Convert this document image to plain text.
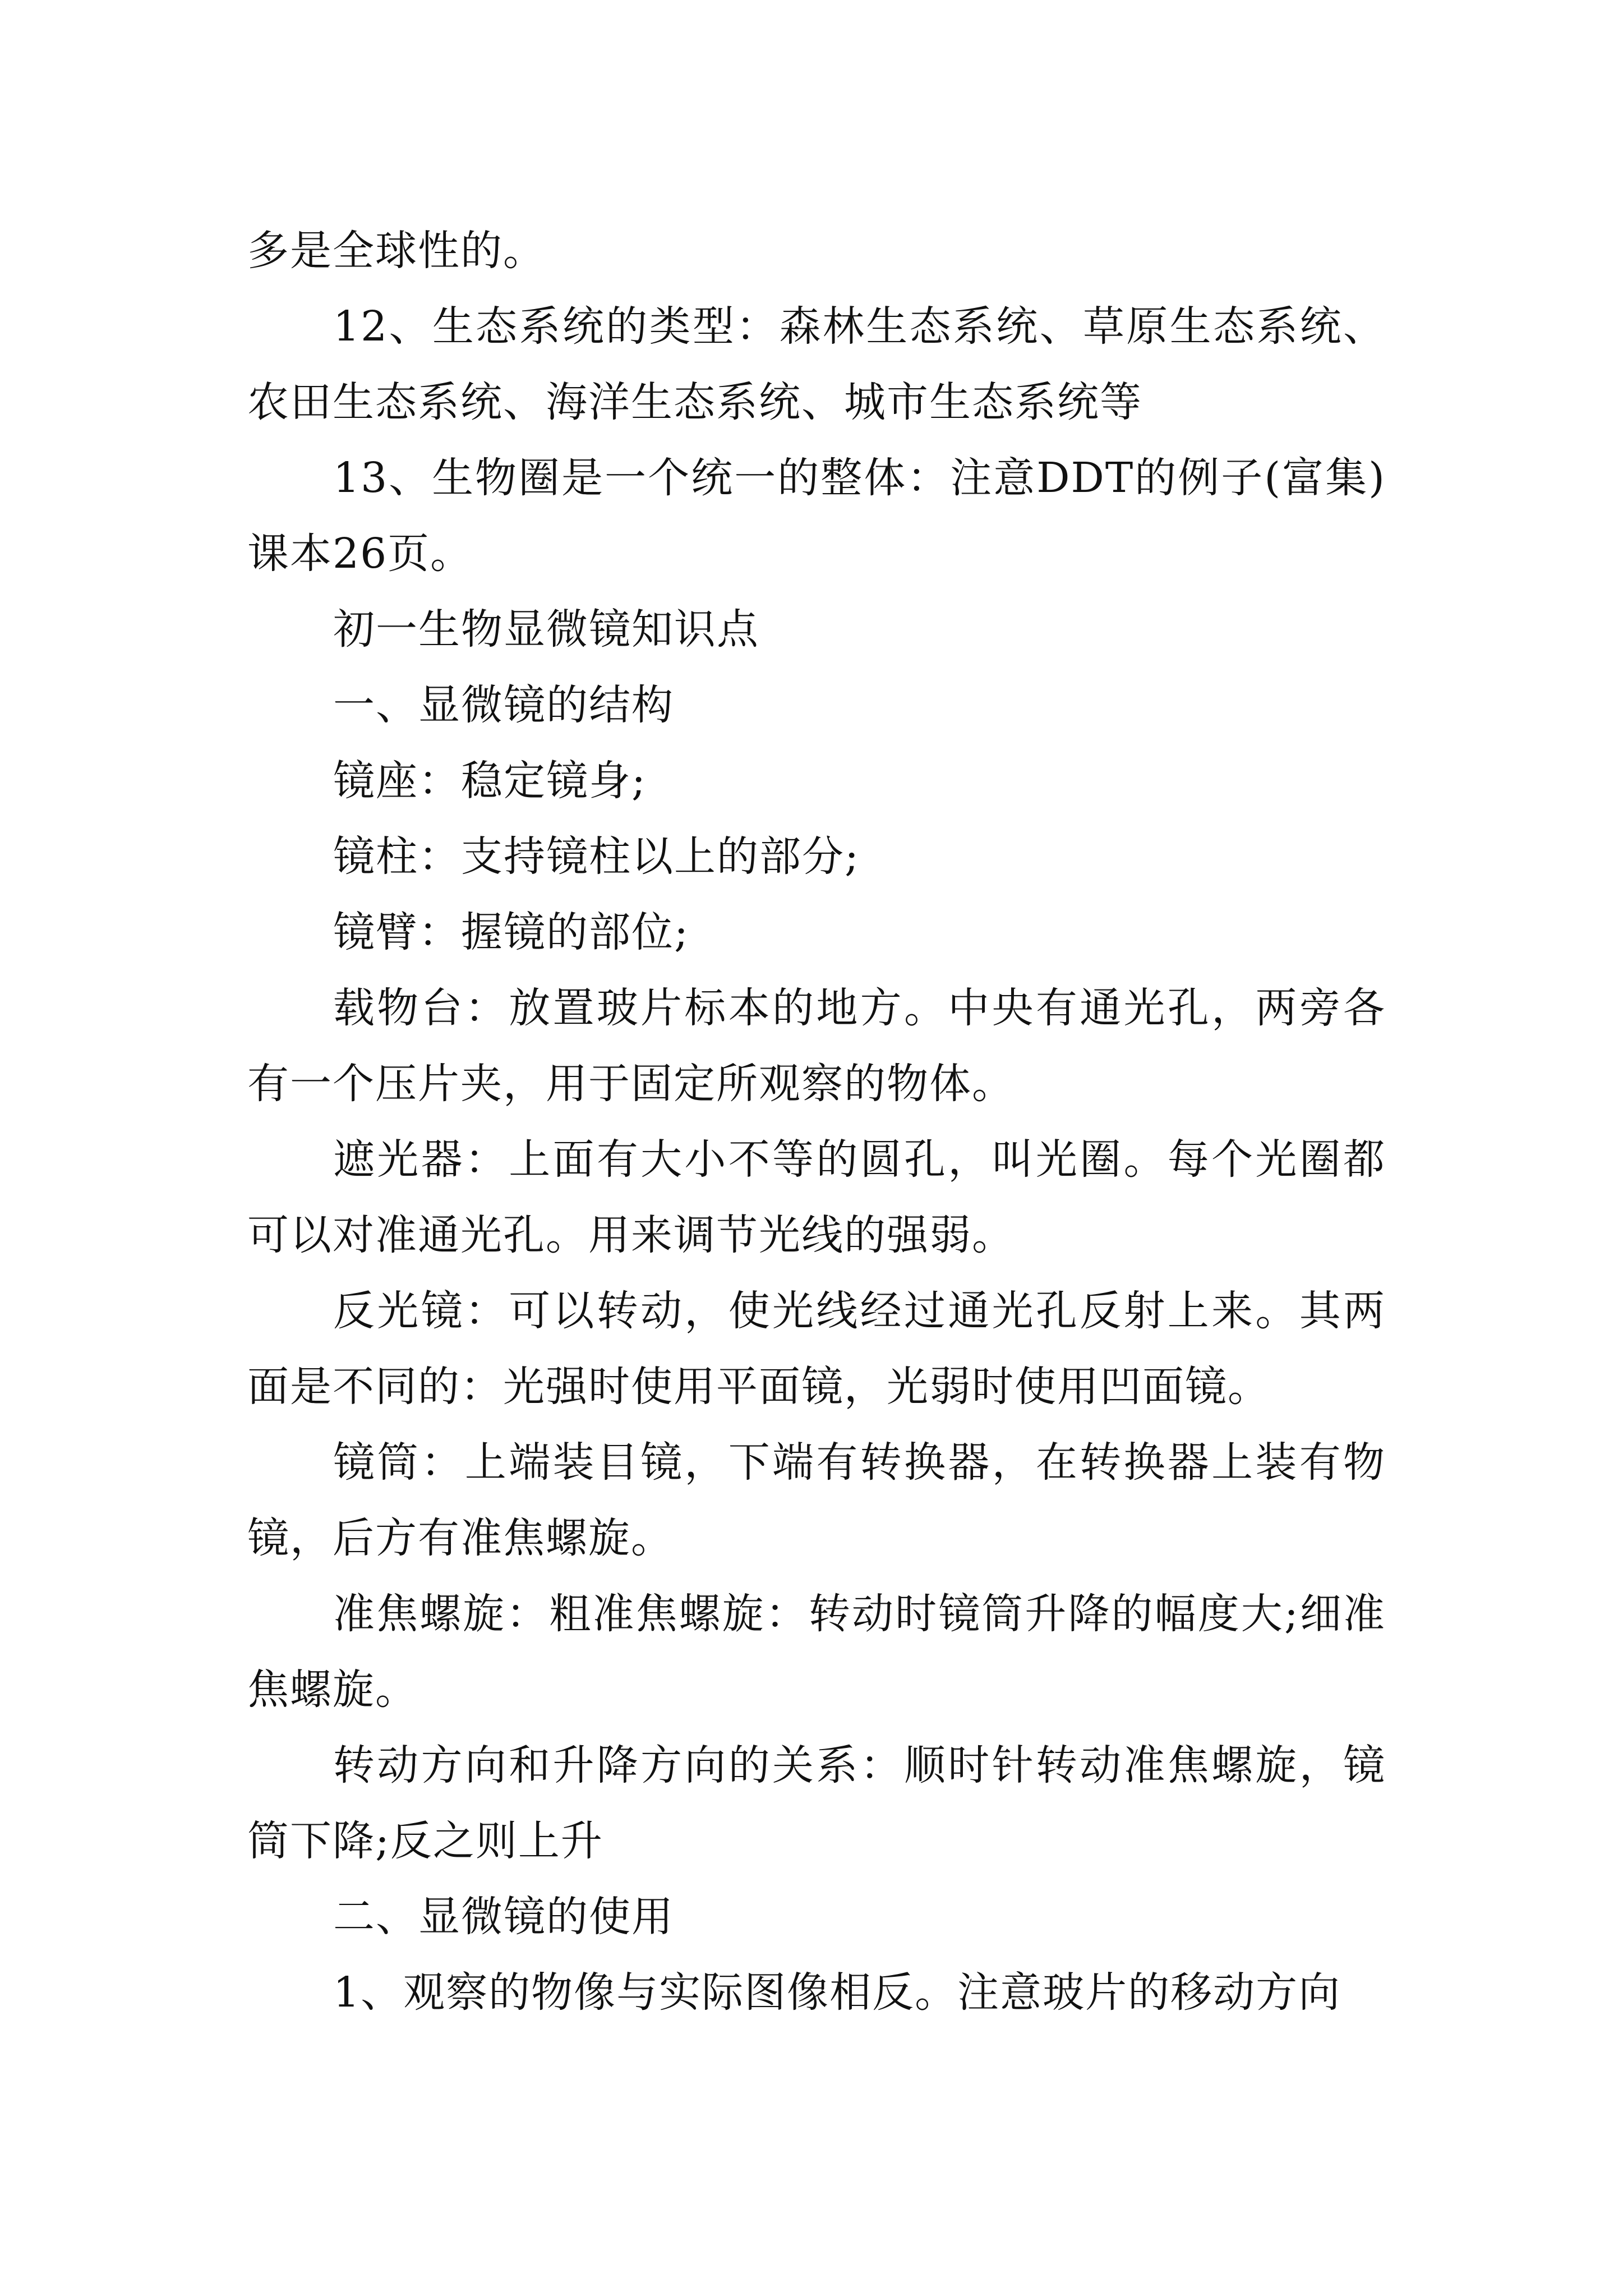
多是全球性的。

12、生态系统的类型：森林生态系统、草原生态系统、农田生态系统、海洋生态系统、城市生态系统等

13、生物圈是一个统一的整体：注意DDT的例子(富集)课本26页。

初一生物显微镜知识点

一、显微镜的结构

镜座：稳定镜身;

镜柱：支持镜柱以上的部分;

镜臂：握镜的部位;

载物台：放置玻片标本的地方。中央有通光孔，两旁各有一个压片夹，用于固定所观察的物体。

遮光器：上面有大小不等的圆孔，叫光圈。每个光圈都可以对准通光孔。用来调节光线的强弱。

反光镜：可以转动，使光线经过通光孔反射上来。其两面是不同的：光强时使用平面镜，光弱时使用凹面镜。

镜筒：上端装目镜，下端有转换器，在转换器上装有物镜，后方有准焦螺旋。

准焦螺旋：粗准焦螺旋：转动时镜筒升降的幅度大;细准焦螺旋。

转动方向和升降方向的关系：顺时针转动准焦螺旋，镜筒下降;反之则上升

二、显微镜的使用

1、观察的物像与实际图像相反。注意玻片的移动方向
